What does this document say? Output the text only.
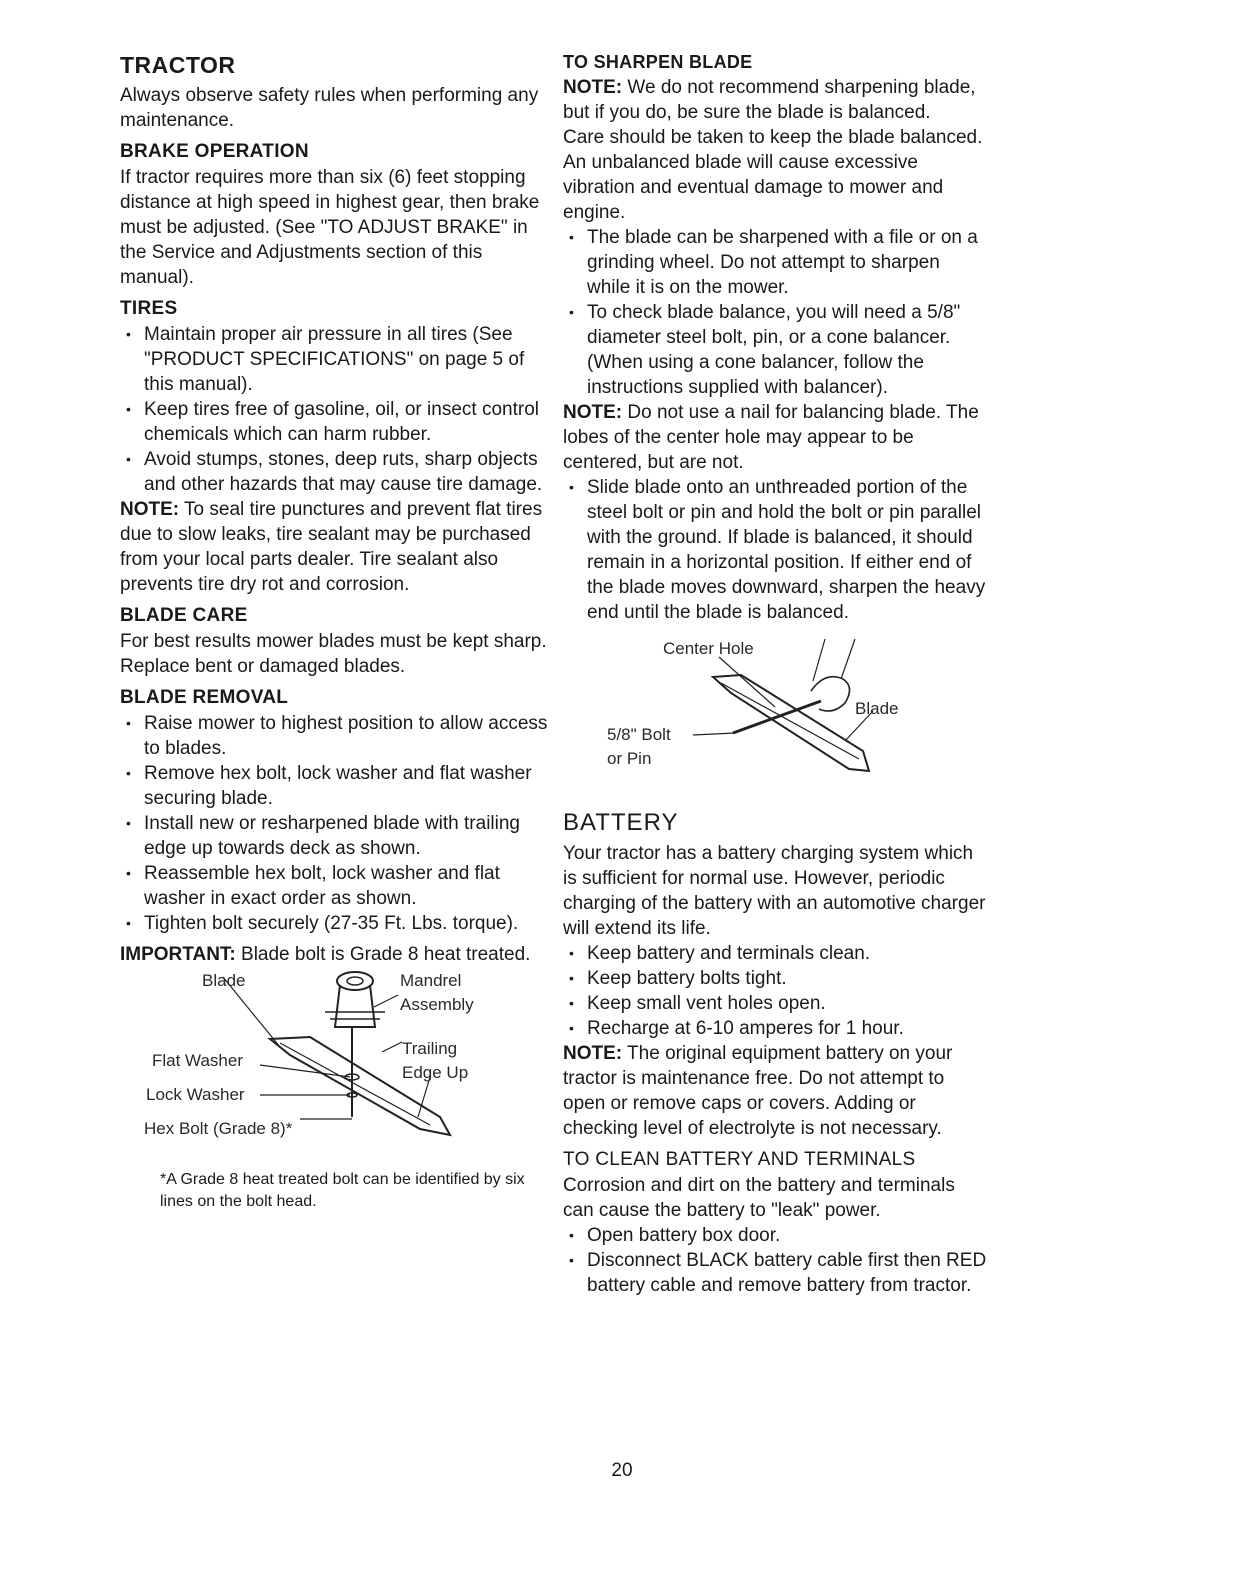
TRACTOR

Always observe safety rules when performing any maintenance.

BRAKE OPERATION

If tractor requires more than six (6) feet stopping distance at high speed in highest gear, then brake must be adjusted. (See "TO ADJUST BRAKE" in the Service and Adjustments section of this manual).

TIRES
• Maintain proper air pressure in all tires (See "PRODUCT SPECIFICATIONS" on page 5 of this manual).
• Keep tires free of gasoline, oil, or insect control chemicals which can harm rubber.
• Avoid stumps, stones, deep ruts, sharp objects and other hazards that may cause tire damage.

NOTE: To seal tire punctures and prevent flat tires due to slow leaks, tire sealant may be purchased from your local parts dealer. Tire sealant also prevents tire dry rot and corrosion.

BLADE CARE

For best results mower blades must be kept sharp. Replace bent or damaged blades.

BLADE REMOVAL
• Raise mower to highest position to allow access to blades.
• Remove hex bolt, lock washer and flat washer securing blade.
• Install new or resharpened blade with trailing edge up towards deck as shown.
• Reassemble hex bolt, lock washer and flat washer in exact order as shown.
• Tighten bolt securely (27-35 Ft. Lbs. torque).

IMPORTANT: Blade bolt is Grade 8 heat treated.

Blade	Mandrel
Assembly
Trailing
Edge Up
Flat Washer
Lock Washer
Hex Bolt (Grade 8)*

*A Grade 8 heat treated bolt can be identified by six lines on the bolt head.

TO SHARPEN BLADE

NOTE: We do not recommend sharpening blade, but if you do, be sure the blade is balanced.

Care should be taken to keep the blade balanced. An unbalanced blade will cause excessive vibration and eventual damage to mower and engine.

• The blade can be sharpened with a file or on a grinding wheel. Do not attempt to sharpen while it is on the mower.
• To check blade balance, you will need a 5/8" diameter steel bolt, pin, or a cone balancer. (When using a cone balancer, follow the instructions supplied with balancer).

NOTE: Do not use a nail for balancing blade. The lobes of the center hole may appear to be centered, but are not.

• Slide blade onto an unthreaded portion of the steel bolt or pin and hold the bolt or pin parallel with the ground. If blade is balanced, it should remain in a horizontal position. If either end of the blade moves downward, sharpen the heavy end until the blade is balanced.
Center Hole
Blade
5/8" Bolt
or Pin
BATTERY

Your tractor has a battery charging system which is sufficient for normal use. However, periodic charging of the battery with an automotive charger will extend its life.

• Keep battery and terminals clean.
• Keep battery bolts tight.
• Keep small vent holes open.
• Recharge at 6-10 amperes for 1 hour.

NOTE: The original equipment battery on your tractor is maintenance free. Do not attempt to open or remove caps or covers. Adding or checking level of electrolyte is not necessary.

TO CLEAN BATTERY AND TERMINALS

Corrosion and dirt on the battery and terminals can cause the battery to "leak" power.

• Open battery box door.
• Disconnect BLACK battery cable first then RED battery cable and remove battery from tractor.
20
